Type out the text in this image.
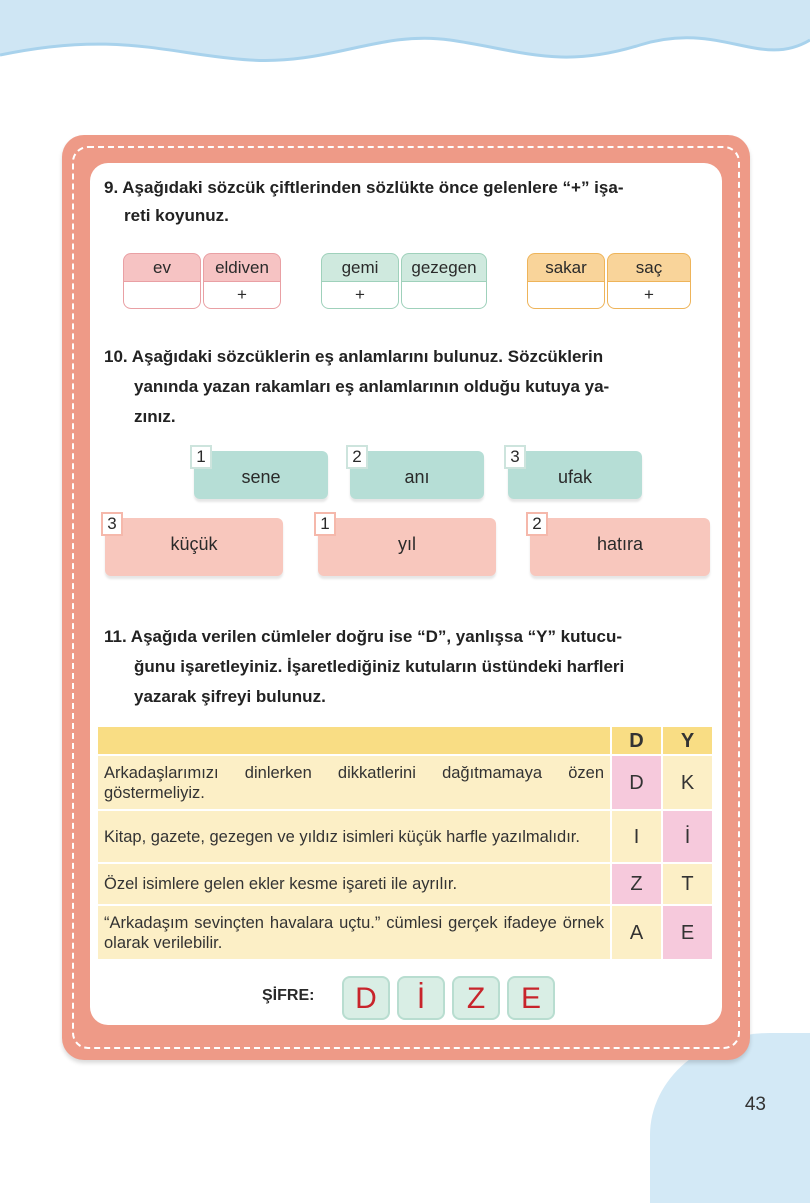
43
9. Aşağıdaki sözcük çiftlerinden sözlükte önce gelenlere “+” işa-
reti koyunuz.
ev	eldiven
+
gemi
+
gezegen	sakar	saç
+
10. Aşağıdaki sözcüklerin eş anlamlarını bulunuz. Sözcüklerin
yanında yazan rakamları eş anlamlarının olduğu kutuya ya-
zınız.
1
sene
2
anı
3
ufak
3
küçük
1
yıl
2
hatıra
11. Aşağıda verilen cümleler doğru ise “D”, yanlışsa “Y” kutucu-
ğunu işaretleyiniz. İşaretlediğiniz kutuların üstündeki harfleri
yazarak şifreyi bulunuz.
	D	Y
Arkadaşlarımızı dinlerken dikkatlerini dağıtmamaya özen göstermeliyiz.	D	K
Kitap, gazete, gezegen ve yıldız isimleri küçük harfle yazılmalıdır.	I	İ
Özel isimlere gelen ekler kesme işareti ile ayrılır.	Z	T
“Arkadaşım sevinçten havalara uçtu.” cümlesi gerçek ifadeye örnek olarak verilebilir.	A	E
ŞİFRE:	D	İ	Z	E
